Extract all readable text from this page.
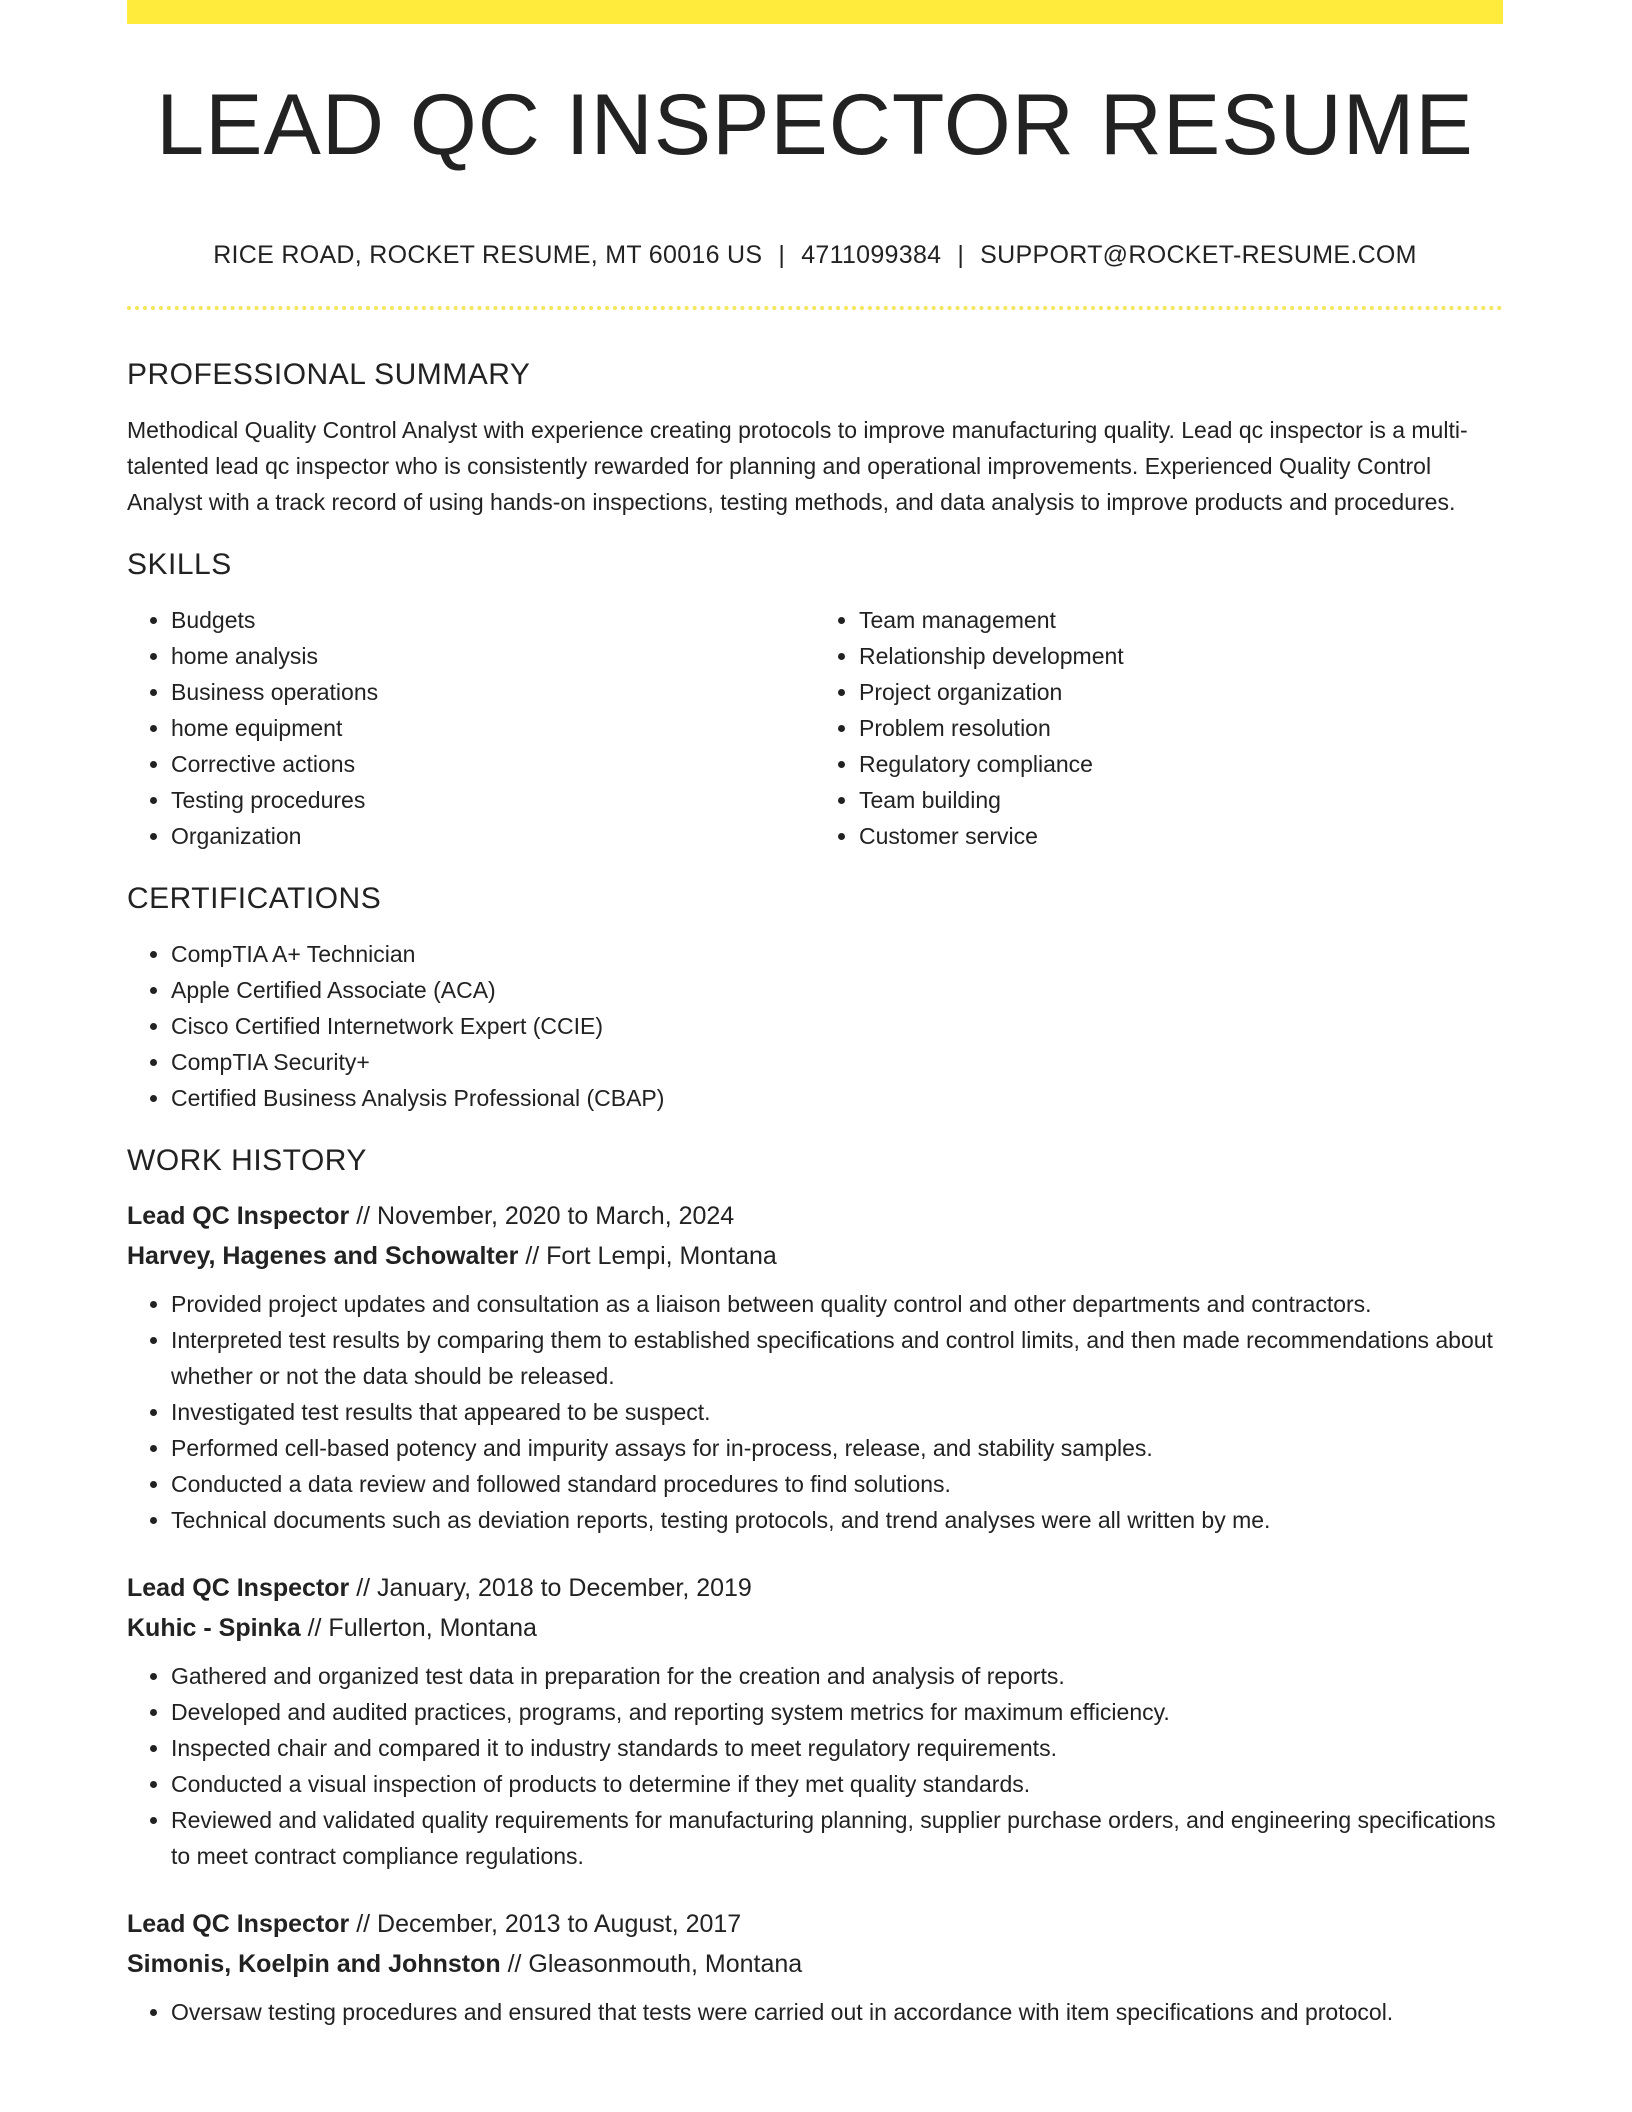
LEAD QC INSPECTOR RESUME
RICE ROAD, ROCKET RESUME, MT 60016 US | 4711099384 | SUPPORT@ROCKET-RESUME.COM
PROFESSIONAL SUMMARY

Methodical Quality Control Analyst with experience creating protocols to improve manufacturing quality. Lead qc inspector is a multi-talented lead qc inspector who is consistently rewarded for planning and operational improvements. Experienced Quality Control Analyst with a track record of using hands-on inspections, testing methods, and data analysis to improve products and procedures.

SKILLS
• Budgets
• home analysis
• Business operations
• home equipment
• Corrective actions
• Testing procedures
• Organization
• Team management
• Relationship development
• Project organization
• Problem resolution
• Regulatory compliance
• Team building
• Customer service
CERTIFICATIONS
• CompTIA A+ Technician
• Apple Certified Associate (ACA)
• Cisco Certified Internetwork Expert (CCIE)
• CompTIA Security+
• Certified Business Analysis Professional (CBAP)
WORK HISTORY
Lead QC Inspector // November, 2020 to March, 2024
Harvey, Hagenes and Schowalter // Fort Lempi, Montana
• Provided project updates and consultation as a liaison between quality control and other departments and contractors.
• Interpreted test results by comparing them to established specifications and control limits, and then made recommendations about whether or not the data should be released.
• Investigated test results that appeared to be suspect.
• Performed cell-based potency and impurity assays for in-process, release, and stability samples.
• Conducted a data review and followed standard procedures to find solutions.
• Technical documents such as deviation reports, testing protocols, and trend analyses were all written by me.
Lead QC Inspector // January, 2018 to December, 2019
Kuhic - Spinka // Fullerton, Montana
• Gathered and organized test data in preparation for the creation and analysis of reports.
• Developed and audited practices, programs, and reporting system metrics for maximum efficiency.
• Inspected chair and compared it to industry standards to meet regulatory requirements.
• Conducted a visual inspection of products to determine if they met quality standards.
• Reviewed and validated quality requirements for manufacturing planning, supplier purchase orders, and engineering specifications to meet contract compliance regulations.
Lead QC Inspector // December, 2013 to August, 2017
Simonis, Koelpin and Johnston // Gleasonmouth, Montana
• Oversaw testing procedures and ensured that tests were carried out in accordance with item specifications and protocol.
